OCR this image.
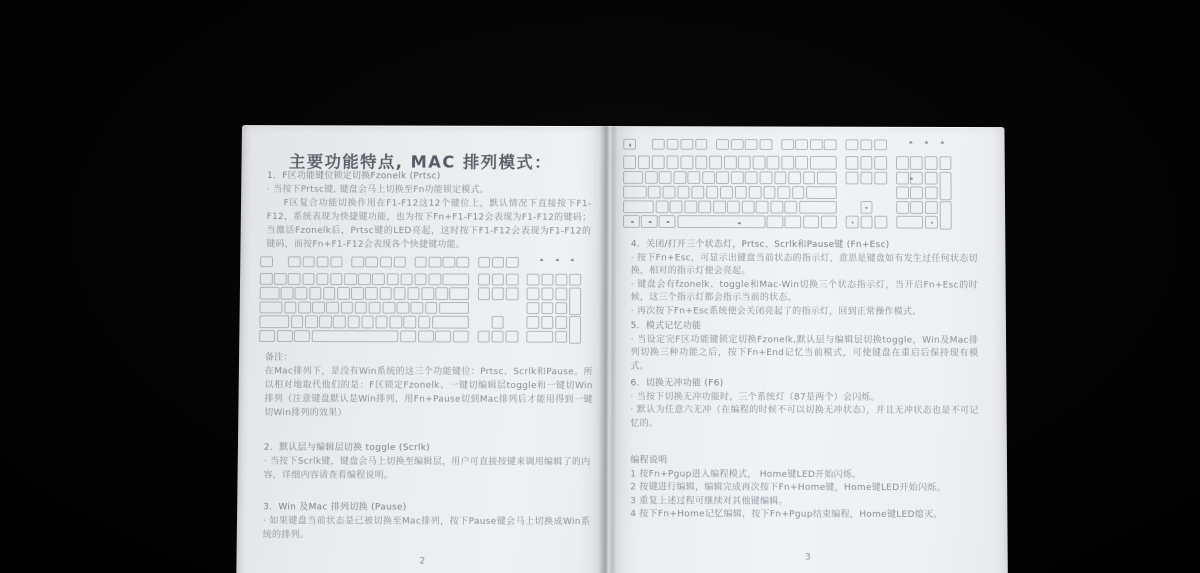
主要功能特点, MAC 排列模式：
1．F区功能键位锁定切换Fzonelk (Prtsc)
· 当按下Prtsc键, 键盘会马上切换至Fn功能锁定模式。
F区复合功能切换作用在F1-F12这12个键位上，默认情况下直接按下F1-F12，系统表现为快捷键功能，也为按下Fn+F1-F12会表现为F1-F12的键码；当激活Fzonelk后，Prtsc键的LED亮起，这时按下F1-F12会表现为F1-F12的键码，而按Fn+F1-F12会表现各个快捷键功能。
备注：
在Mac排列下，是没有Win系统的这三个功能键位：Prtsc、Scrlk和Pause。所以相对地取代他们的是：F区锁定Fzonelk、一键切编辑层toggle和一键切Win排列（注意键盘默认是Win排列，用Fn+Pause切到Mac排列后才能用得到一键切Win排列的效果）
2．默认层与编辑层切换 toggle (Scrlk)
· 当按下Scrlk键，键盘会马上切换至编辑层，用户可直接按键来调用编辑了的内容，详细内容请查看编程说明。
3．Win 及Mac 排列切换 (Pause)
· 如果键盘当前状态是已被切换至Mac排列，按下Pause键会马上切换成Win系统的排列。
2
4．关闭/打开三个状态灯，Prtsc、Scrlk和Pause键 (Fn+Esc)
· 按下Fn+Esc，可显示出键盘当前状态的指示灯，意思是键盘如有发生过任何状态切换，相对的指示灯便会亮起。
· 键盘会有fzonelk、toggle和Mac-Win切换三个状态指示灯，当开启Fn+Esc的时候，这三个指示灯都会指示当前的状态。
· 再次按下Fn+Esc系统便会关闭亮起了的指示灯，回到正常操作模式。
5．模式记忆功能
· 当设定完F区功能键锁定切换Fzonelk,默认层与编辑层切换toggle，Win及Mac排列切换三种功能之后，按下Fn+End记忆当前模式，可使键盘在重启后保持现有模式。
6．切换无冲功能 (F6)
· 当按下切换无冲功能时，三个系统灯（87是两个）会闪烁。
· 默认为任意六无冲（在编程的时候不可以切换无冲状态），并且无冲状态也是不可记忆的。
编程说明
1 按Fn+Pgup进入编程模式， Home键LED开始闪烁。
2 按键进行编辑，编辑完成再次按下Fn+Home键，Home键LED开始闪烁。
3 重复上述过程可继续对其他键编辑。
4 按下Fn+Home记忆编辑，按下Fn+Pgup结束编程，Home键LED熄灭。
3
